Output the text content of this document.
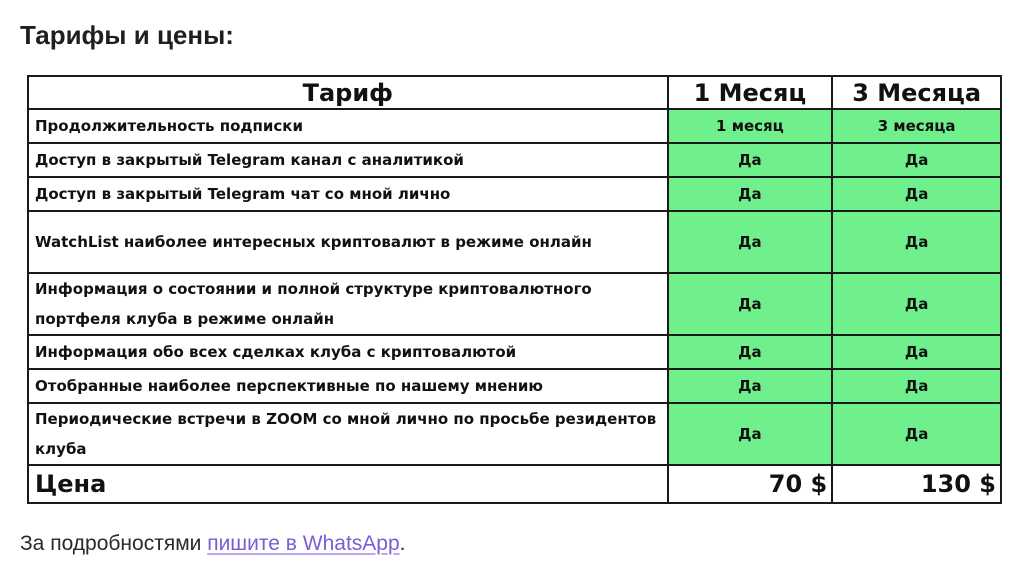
Тарифы и цены:
Тариф	1 Месяц	3 Месяца
Продолжительность подписки	1 месяц	3 месяца
Доступ в закрытый Telegram канал с аналитикой	Да	Да
Доступ в закрытый Telegram чат со мной лично	Да	Да
WatchList наиболее интересных криптовалют в режиме онлайн	Да	Да
Информация о состоянии и полной структуре криптовалютного портфеля клуба в режиме онлайн	Да	Да
Информация обо всех сделках клуба с криптовалютой	Да	Да
Отобранные наиболее перспективные по нашему мнению	Да	Да
Периодические встречи в ZOOM со мной лично по просьбе резидентов клуба	Да	Да
Цена	70 $	130 $
За подробностями пишите в WhatsApp.
